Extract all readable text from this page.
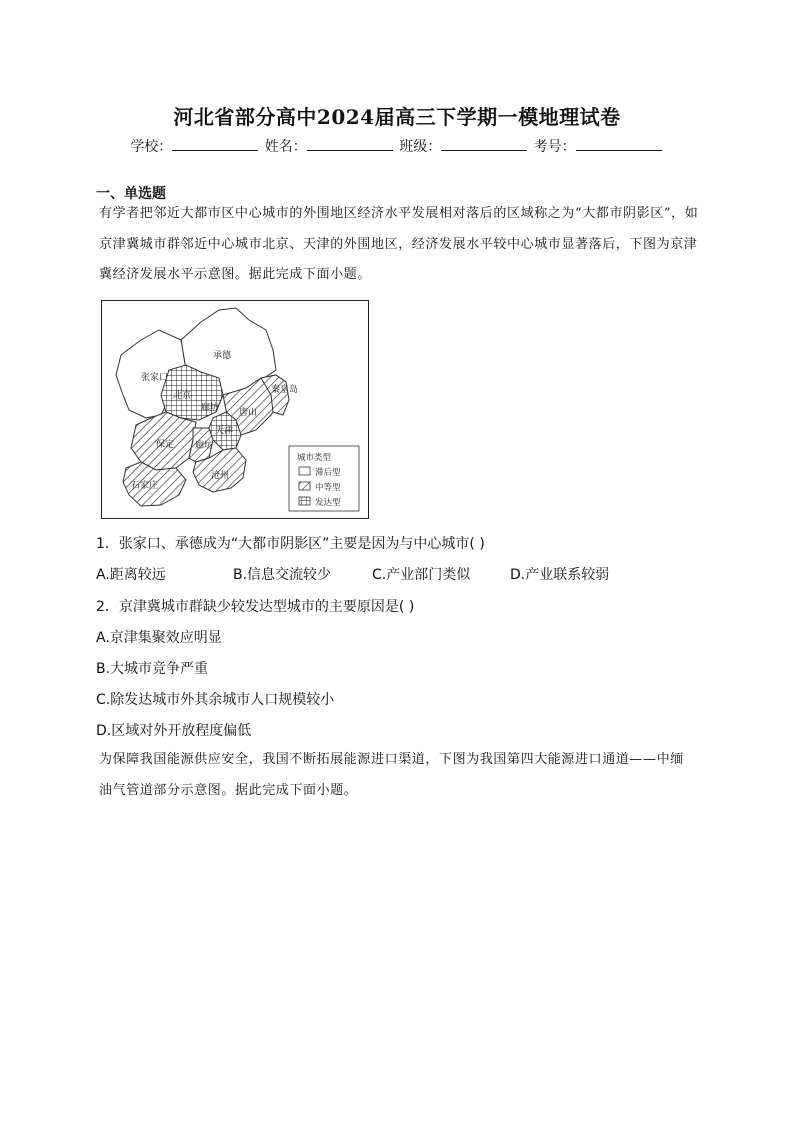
河北省部分高中2024届高三下学期一模地理试卷
学校：	姓名：	班级：	考号：
一、单选题
有学者把邻近大都市区中心城市的外围地区经济水平发展相对落后的区域称之为“大都市阴影区”，如京津冀城市群邻近中心城市北京、天津的外围地区，经济发展水平较中心城市显著落后，下图为京津冀经济发展水平示意图。据此完成下面小题。
承德
张家口
北京
廊坊 唐山
秦皇岛
天津
保定 廊坊
沧州
石家庄
城市类型
滞后型
中等型
发达型
1．张家口、承德成为“大都市阴影区”主要是因为与中心城市( )
A.距离较远	B.信息交流较少	C.产业部门类似	D.产业联系较弱
2．京津冀城市群缺少较发达型城市的主要原因是( )
A.京津集聚效应明显
B.大城市竞争严重
C.除发达城市外其余城市人口规模较小
D.区域对外开放程度偏低
为保障我国能源供应安全，我国不断拓展能源进口渠道，下图为我国第四大能源进口通道——中缅油气管道部分示意图。据此完成下面小题。
